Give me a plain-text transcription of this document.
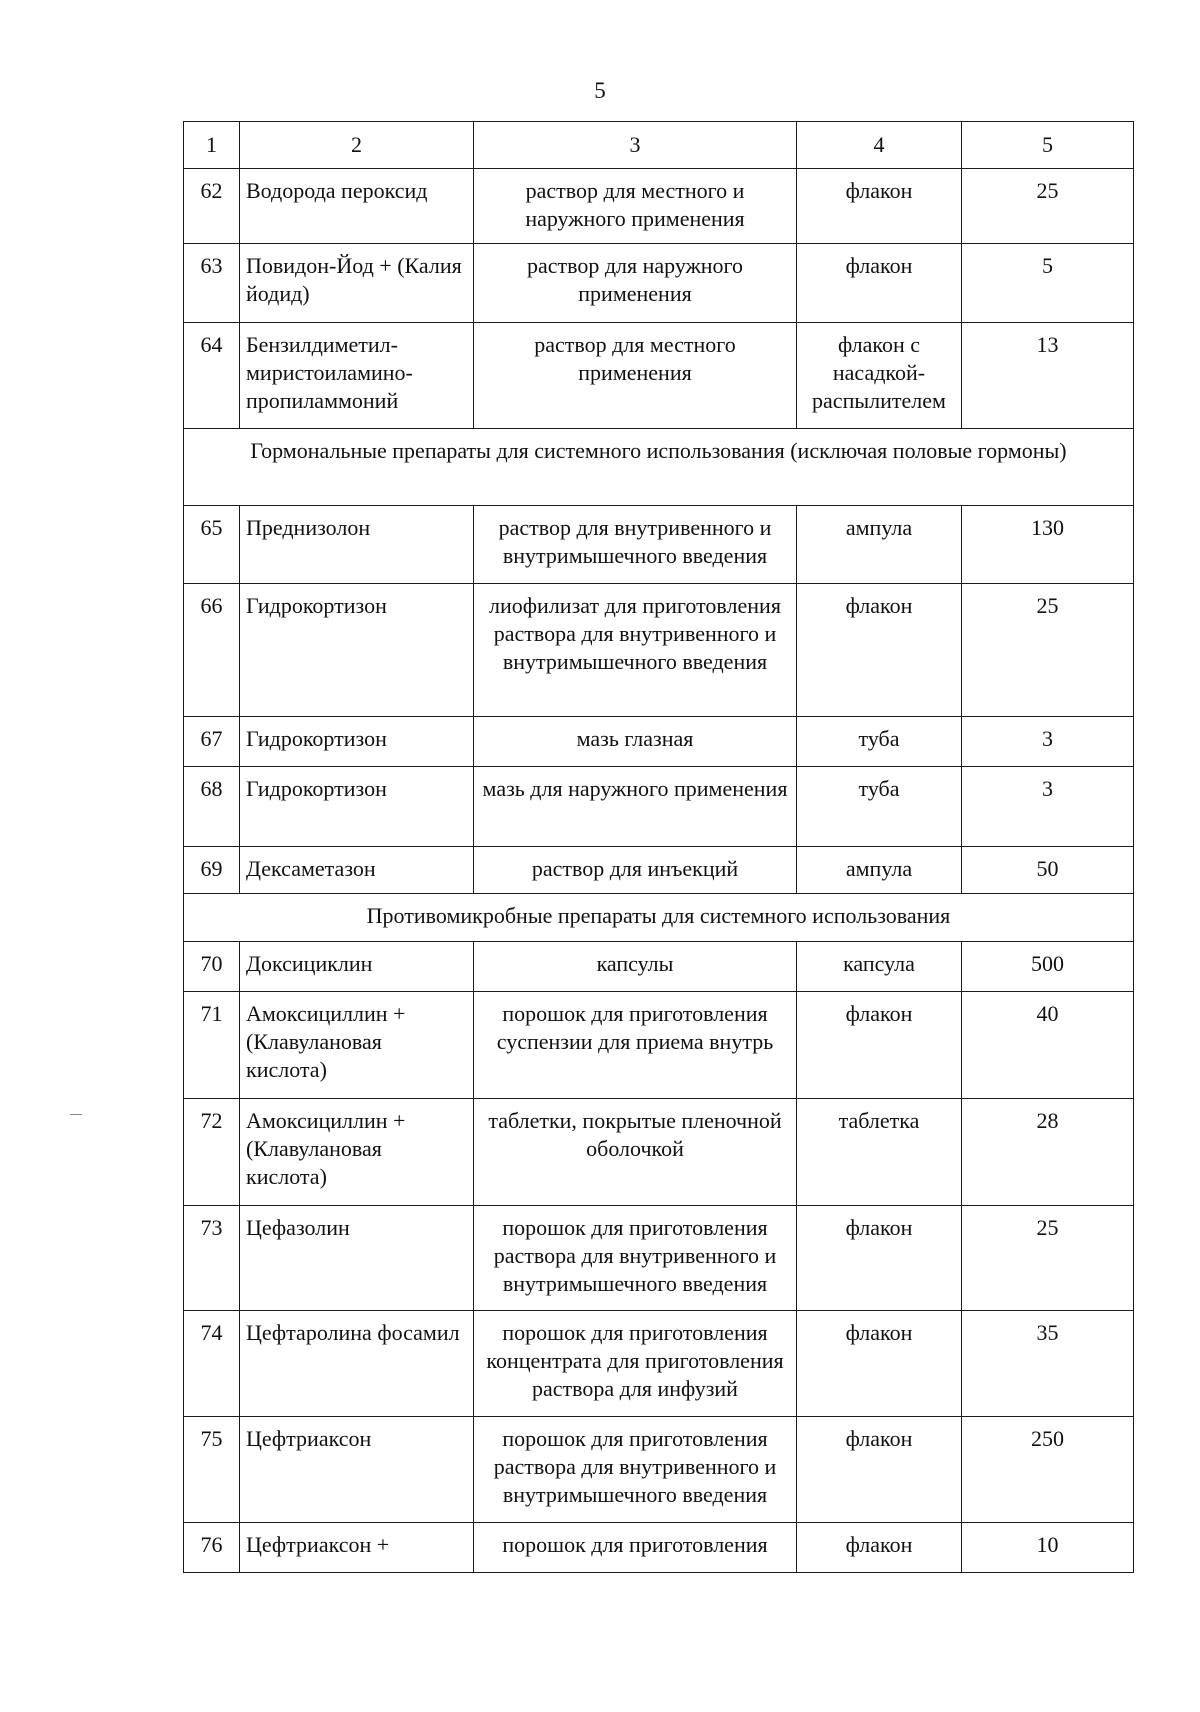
5
1	2	3	4	5
62	Водорода пероксид	раствор для местного и наружного применения	флакон	25
63	Повидон-Йод + (Калия йодид)	раствор для наружного применения	флакон	5
64	Бензилдиметил-миристоиламино-пропиламмоний	раствор для местного применения	флакон с насадкой-распылителем	13
Гормональные препараты для системного использования (исключая половые гормоны)				
65	Преднизолон	раствор для внутривенного и внутримышечного введения	ампула	130
66	Гидрокортизон	лиофилизат для приготовления раствора для внутривенного и внутримышечного введения	флакон	25
67	Гидрокортизон	мазь глазная	туба	3
68	Гидрокортизон	мазь для наружного применения	туба	3
69	Дексаметазон	раствор для инъекций	ампула	50
Противомикробные препараты для системного использования				
70	Доксициклин	капсулы	капсула	500
71	Амоксициллин + (Клавулановая кислота)	порошок для приготовления суспензии для приема внутрь	флакон	40
72	Амоксициллин + (Клавулановая кислота)	таблетки, покрытые пленочной оболочкой	таблетка	28
73	Цефазолин	порошок для приготовления раствора для внутривенного и внутримышечного введения	флакон	25
74	Цефтаролина фосамил	порошок для приготовления концентрата для приготовления раствора для инфузий	флакон	35
75	Цефтриаксон	порошок для приготовления раствора для внутривенного и внутримышечного введения	флакон	250
76	Цефтриаксон +	порошок для приготовления	флакон	10
